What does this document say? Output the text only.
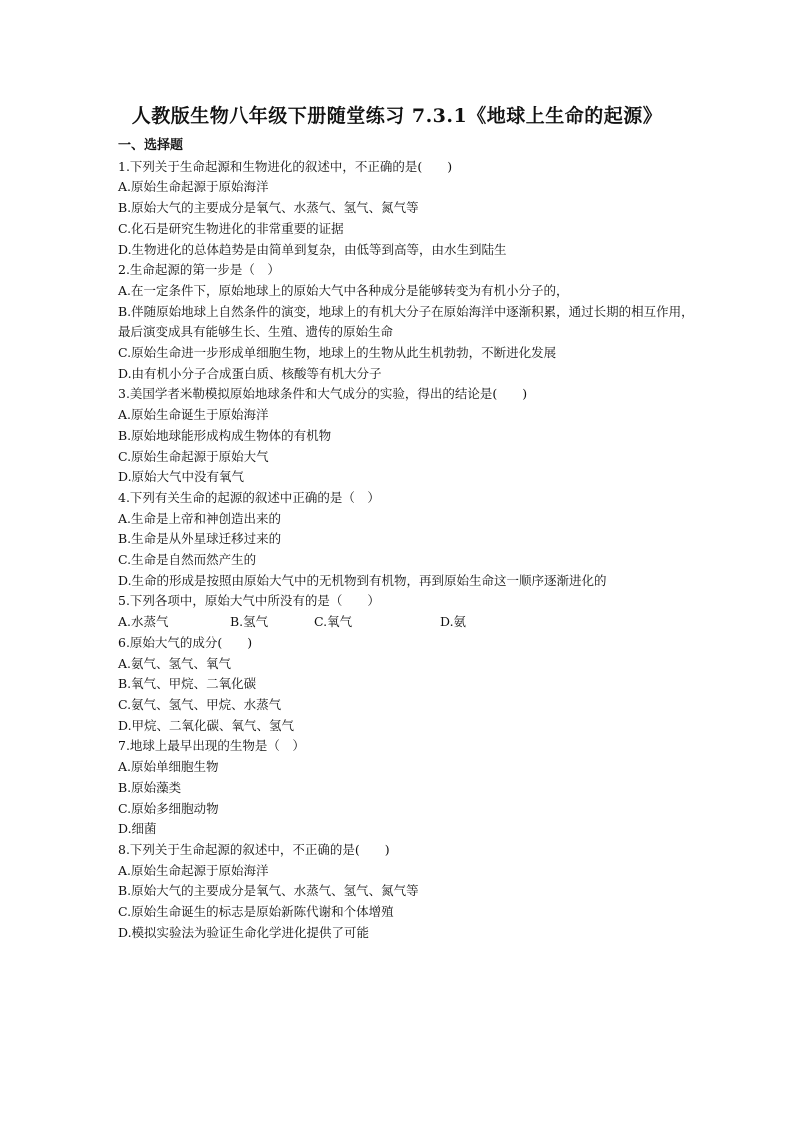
人教版生物八年级下册随堂练习 7.3.1《地球上生命的起源》
一、选择题
1.下列关于生命起源和生物进化的叙述中，不正确的是(　　)
A.原始生命起源于原始海洋
B.原始大气的主要成分是氧气、水蒸气、氢气、氮气等
C.化石是研究生物进化的非常重要的证据
D.生物进化的总体趋势是由简单到复杂，由低等到高等，由水生到陆生
2.生命起源的第一步是（　）
A.在一定条件下，原始地球上的原始大气中各种成分是能够转变为有机小分子的，
B.伴随原始地球上自然条件的演变，地球上的有机大分子在原始海洋中逐渐积累，通过长期的相互作用，最后演变成具有能够生长、生殖、遗传的原始生命
C.原始生命进一步形成单细胞生物，地球上的生物从此生机勃勃，不断进化发展
D.由有机小分子合成蛋白质、核酸等有机大分子
3.美国学者米勒模拟原始地球条件和大气成分的实验，得出的结论是(　　)
A.原始生命诞生于原始海洋
B.原始地球能形成构成生物体的有机物
C.原始生命起源于原始大气
D.原始大气中没有氧气
4.下列有关生命的起源的叙述中正确的是（　）
A.生命是上帝和神创造出来的
B.生命是从外星球迁移过来的
C.生命是自然而然产生的
D.生命的形成是按照由原始大气中的无机物到有机物，再到原始生命这一顺序逐渐进化的
5.下列各项中，原始大气中所没有的是（　　）
A.水蒸气	B.氢气	C.氧气	D.氨
6.原始大气的成分(　　)
A.氨气、氢气、氧气
B.氧气、甲烷、二氧化碳
C.氨气、氢气、甲烷、水蒸气
D.甲烷、二氧化碳、氧气、氢气
7.地球上最早出现的生物是（　）
A.原始单细胞生物
B.原始藻类
C.原始多细胞动物
D.细菌
8.下列关于生命起源的叙述中，不正确的是(　　)
A.原始生命起源于原始海洋
B.原始大气的主要成分是氧气、水蒸气、氢气、氮气等
C.原始生命诞生的标志是原始新陈代谢和个体增殖
D.模拟实验法为验证生命化学进化提供了可能
